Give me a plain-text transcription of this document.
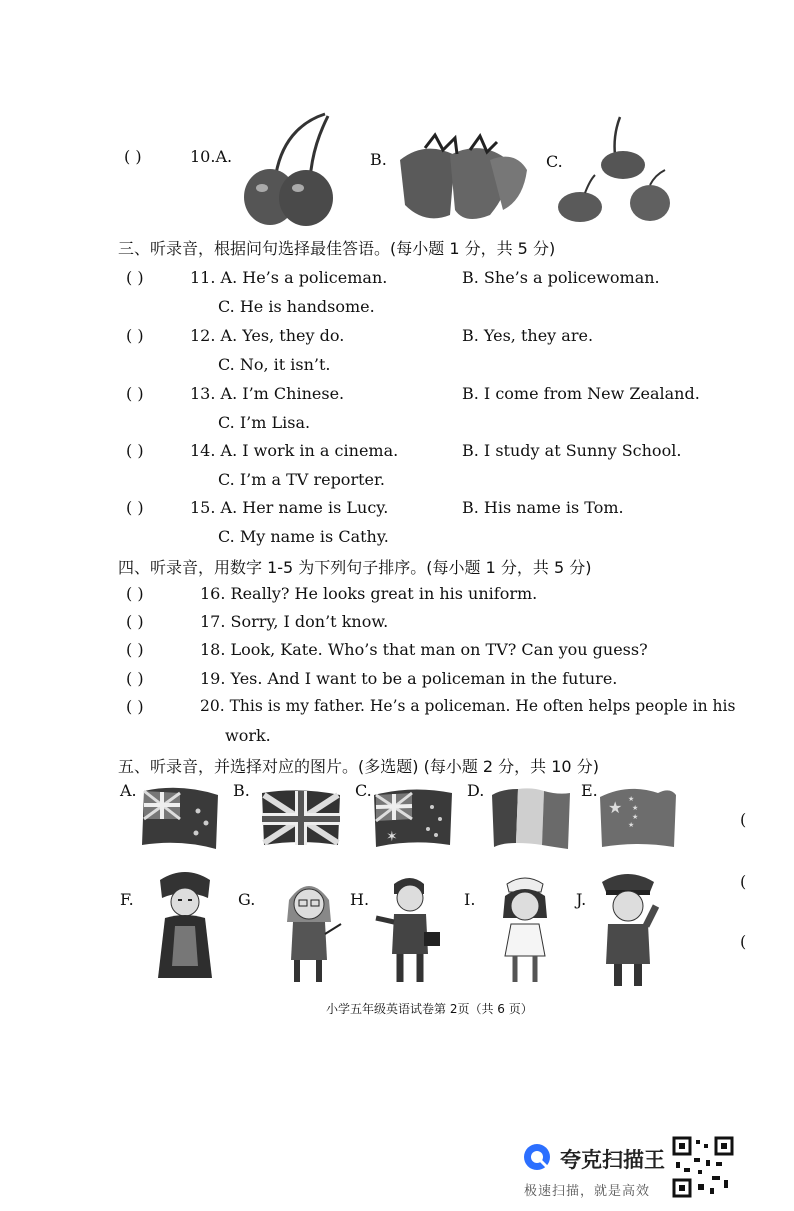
( )	10.A.	B.	C.
三、听录音，根据问句选择最佳答语。(每小题 1 分，共 5 分)
( )	11. A. He’s a policeman.	B. She’s a policewoman.
C. He is handsome.
( )	12. A. Yes, they do.	B. Yes, they are.
C. No, it isn’t.
( )	13. A. I’m Chinese.	B. I come from New Zealand.
C. I’m Lisa.
( )	14. A. I work in a cinema.	B. I study at Sunny School.
C. I’m a TV reporter.
( )	15. A. Her name is Lucy.	B. His name is Tom.
C. My name is Cathy.
四、听录音，用数字 1-5 为下列句子排序。(每小题 1 分，共 5 分)
( )	16. Really? He looks great in his uniform.
( )	17. Sorry, I don’t know.
( )	18. Look, Kate. Who’s that man on TV? Can you guess?
( )	19. Yes. And I want to be a policeman in the future.
( )	20. This is my father. He’s a policeman. He often helps people in his
work.
五、听录音，并选择对应的图片。(多选题) (每小题 2 分，共 10 分)
A.	B.	C.
✶
D.	E.
★ ★
★
★
★
F.	G.	H.	I.	J.
(
(
(
小学五年级英语试卷第 2页（共 6 页）
夸克扫描王
极速扫描，就是高效
